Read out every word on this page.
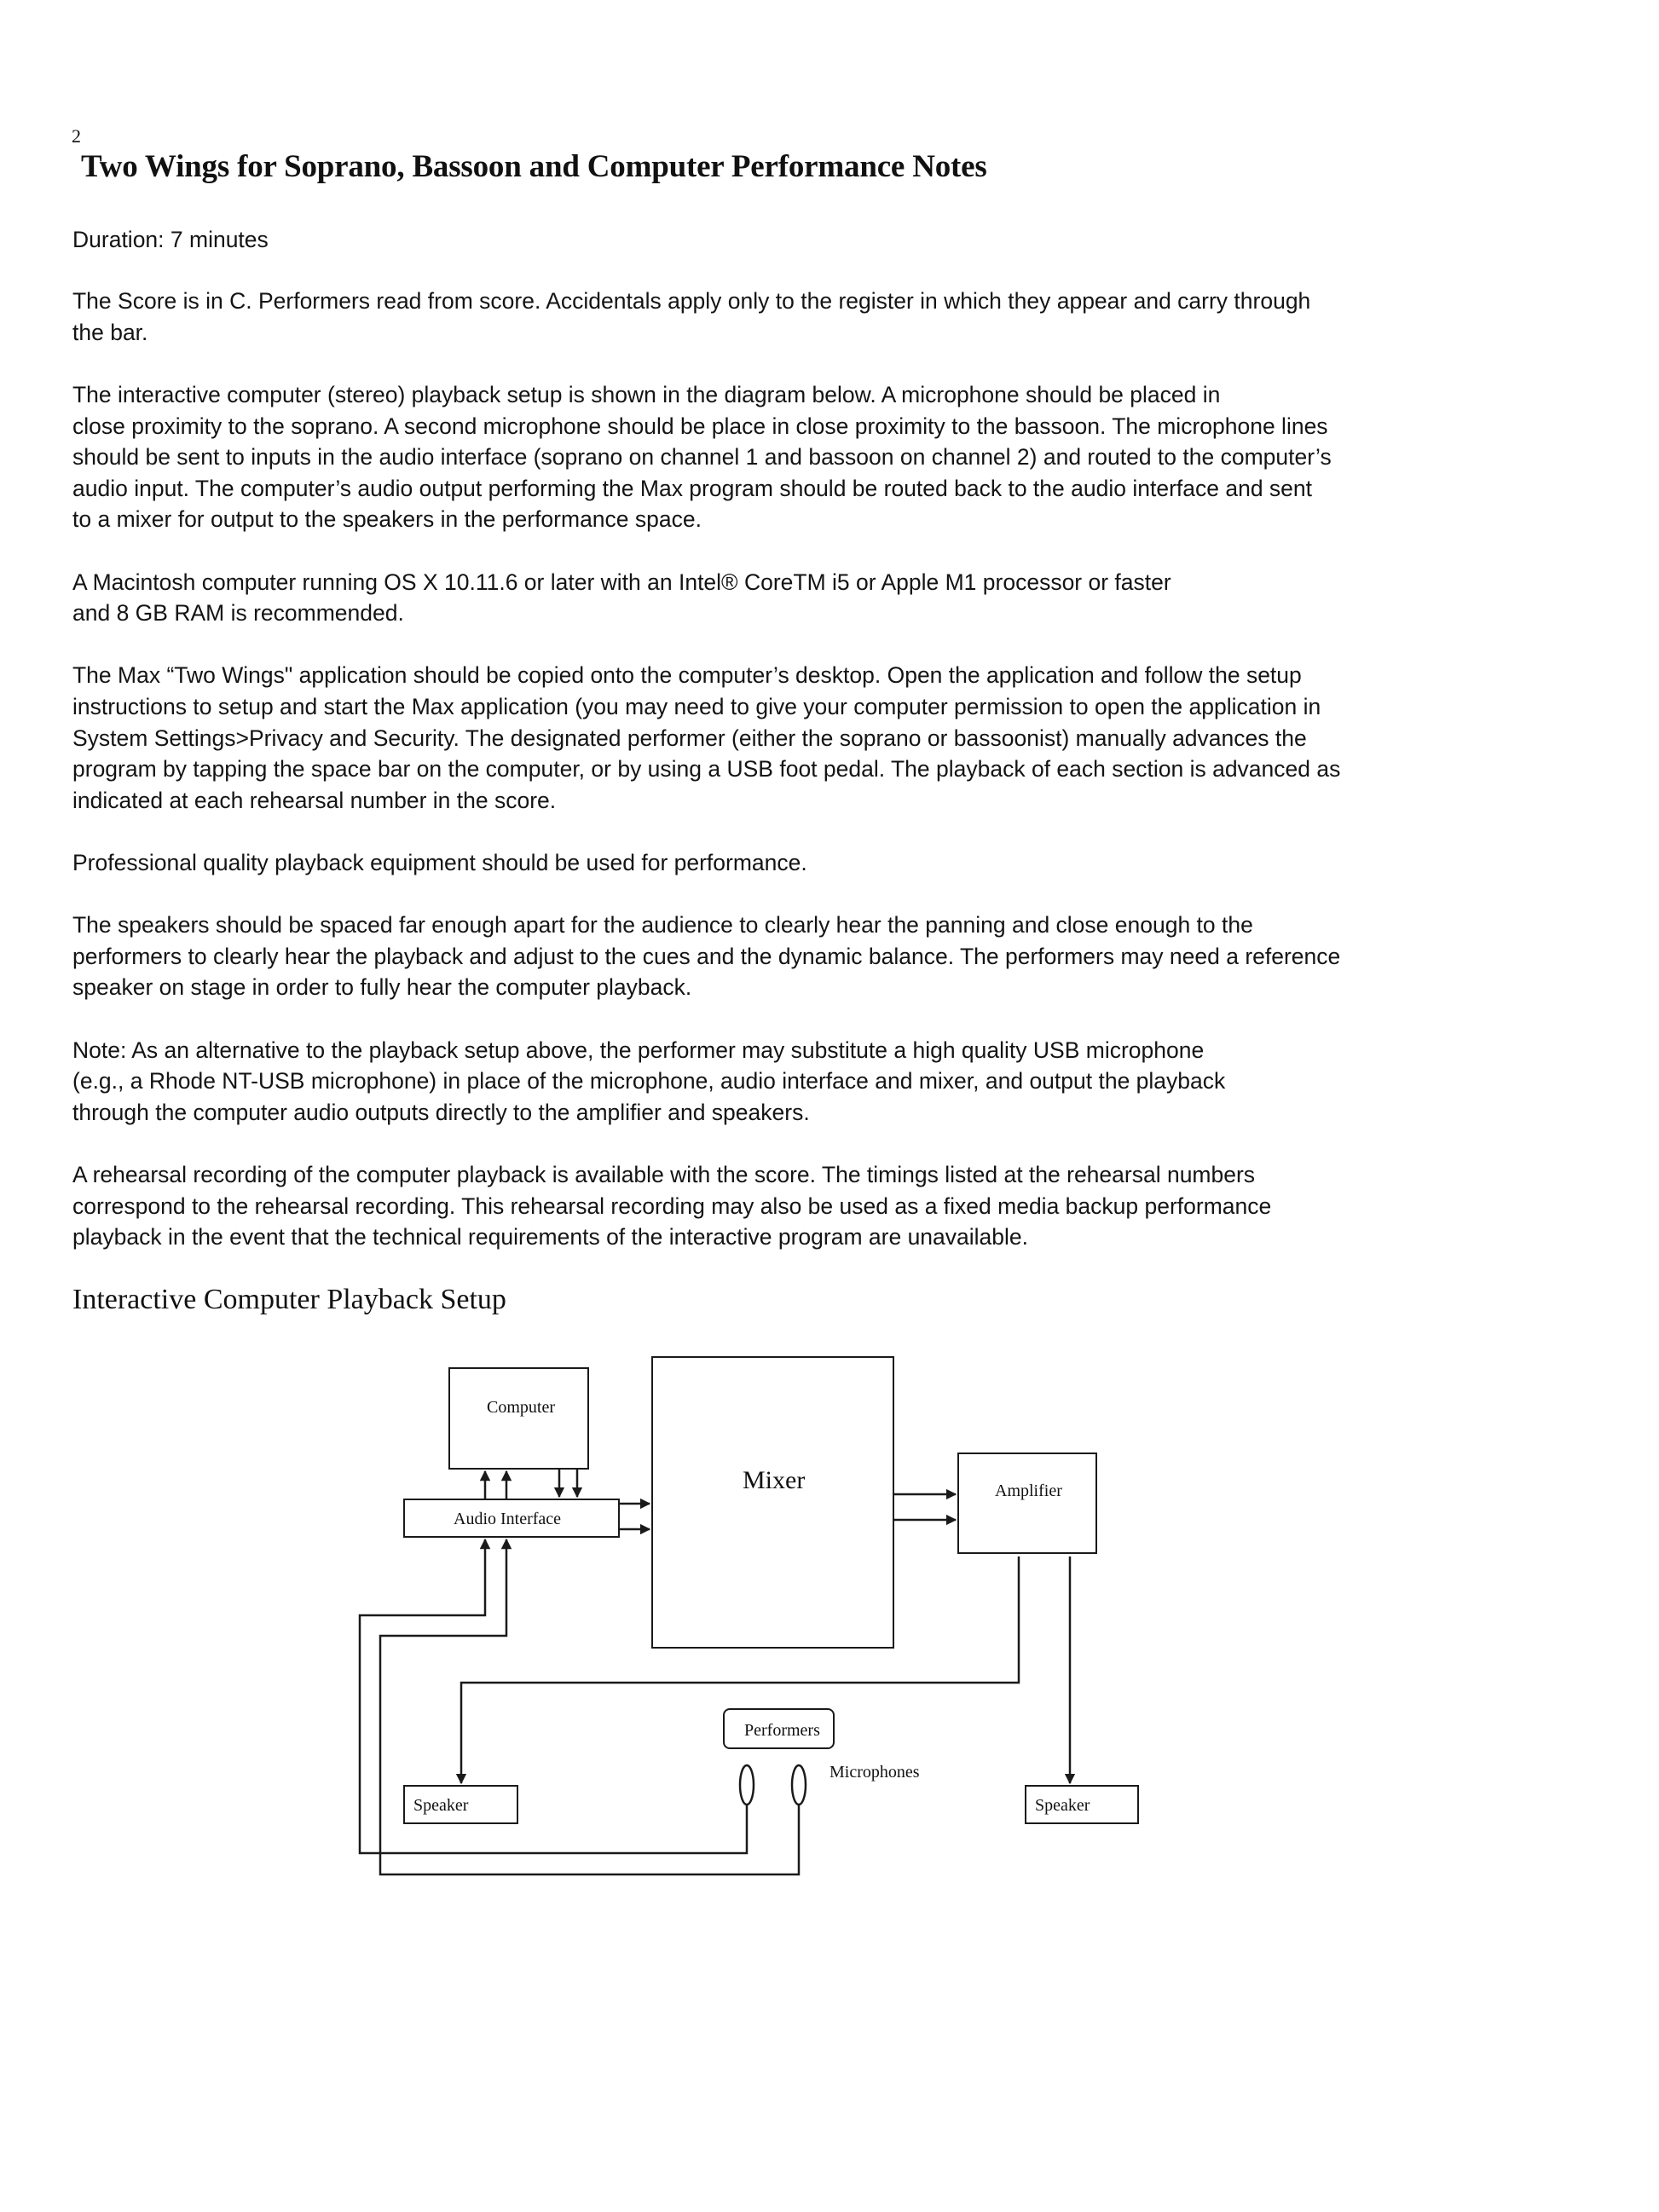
2
Two Wings for Soprano, Bassoon and Computer Performance Notes
Duration: 7 minutes
The Score is in C. Performers read from score. Accidentals apply only to the register in which they appear and carry through
the bar.
The interactive computer (stereo) playback setup is shown in the diagram below. A microphone should be placed in
close proximity to the soprano. A second microphone should be place in close proximity to the bassoon. The microphone lines
should be sent to inputs in the audio interface (soprano on channel 1 and bassoon on channel 2) and routed to the computer’s
audio input. The computer’s audio output performing the Max program should be routed back to the audio interface and sent
to a mixer for output to the speakers in the performance space.
A Macintosh computer running OS X 10.11.6 or later with an Intel® CoreTM i5 or Apple M1 processor or faster
and 8 GB RAM is recommended.
The Max “Two Wings" application should be copied onto the computer’s desktop. Open the application and follow the setup
instructions to setup and start the Max application (you may need to give your computer permission to open the application in
System Settings>Privacy and Security. The designated performer (either the soprano or bassoonist) manually advances the
program by tapping the space bar on the computer, or by using a USB foot pedal. The playback of each section is advanced as
indicated at each rehearsal number in the score.
Professional quality playback equipment should be used for performance.
The speakers should be spaced far enough apart for the audience to clearly hear the panning and close enough to the
performers to clearly hear the playback and adjust to the cues and the dynamic balance. The performers may need a reference
speaker on stage in order to fully hear the computer playback.
Note: As an alternative to the playback setup above, the performer may substitute a high quality USB microphone
(e.g., a Rhode NT-USB microphone) in place of the microphone, audio interface and mixer, and output the playback
through the computer audio outputs directly to the amplifier and speakers.
A rehearsal recording of the computer playback is available with the score. The timings listed at the rehearsal numbers
correspond to the rehearsal recording. This rehearsal recording may also be used as a fixed media backup performance
playback in the event that the technical requirements of the interactive program are unavailable.
Interactive Computer Playback Setup
Computer
Audio Interface
Mixer	Amplifier
Performers
Microphones
Speaker	Speaker
